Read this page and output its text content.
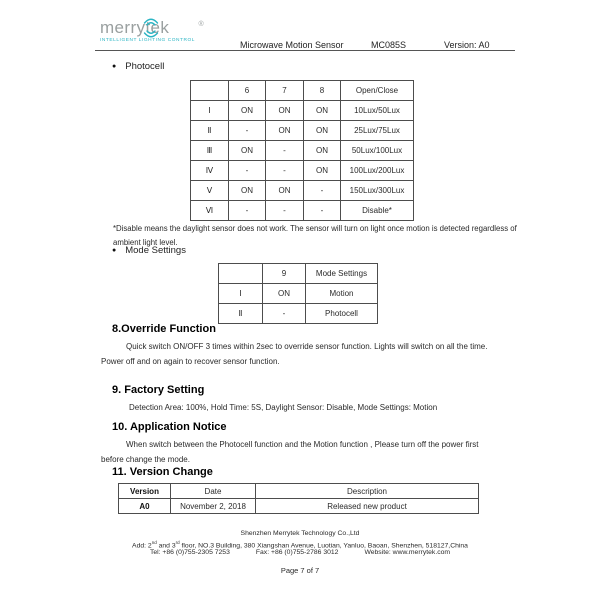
merrytek	®
INTELLIGENT LIGHTING CONTROL	Microwave Motion Sensor	MC085S	Version: A0
● Photocell
	6	7	8	Open/Close
Ⅰ	ON	ON	ON	10Lux/50Lux
Ⅱ	-	ON	ON	25Lux/75Lux
Ⅲ	ON	-	ON	50Lux/100Lux
Ⅳ	-	-	ON	100Lux/200Lux
Ⅴ	ON	ON	-	150Lux/300Lux
Ⅵ	-	-	-	Disable*
*Disable means the daylight sensor does not work. The sensor will turn on light once motion is detected regardless of
ambient light level.
● Mode Settings
	9	Mode Settings
Ⅰ	ON	Motion
Ⅱ	-	Photocell
8.Override Function
Quick switch ON/OFF 3 times within 2sec to override sensor function. Lights will switch on all the time.
Power off and on again to recover sensor function.
9. Factory Setting
Detection Area: 100%, Hold Time: 5S, Daylight Sensor: Disable, Mode Settings: Motion
10. Application Notice
When switch between the Photocell function and the Motion function , Please turn off the power first
before change the mode.
11. Version Change
Version	Date	Description
A0	November 2, 2018	Released new product
Shenzhen Merrytek Technology Co.,Ltd
Add: 2nd and 3rd floor, NO.3 Building, 380 Xiangshan Avenue, Luotian, Yanluo, Baoan, Shenzhen, 518127,China
Tel: +86 (0)755-2305 7253	Fax: +86 (0)755-2786 3012	Website: www.merrytek.com
Page 7 of 7
